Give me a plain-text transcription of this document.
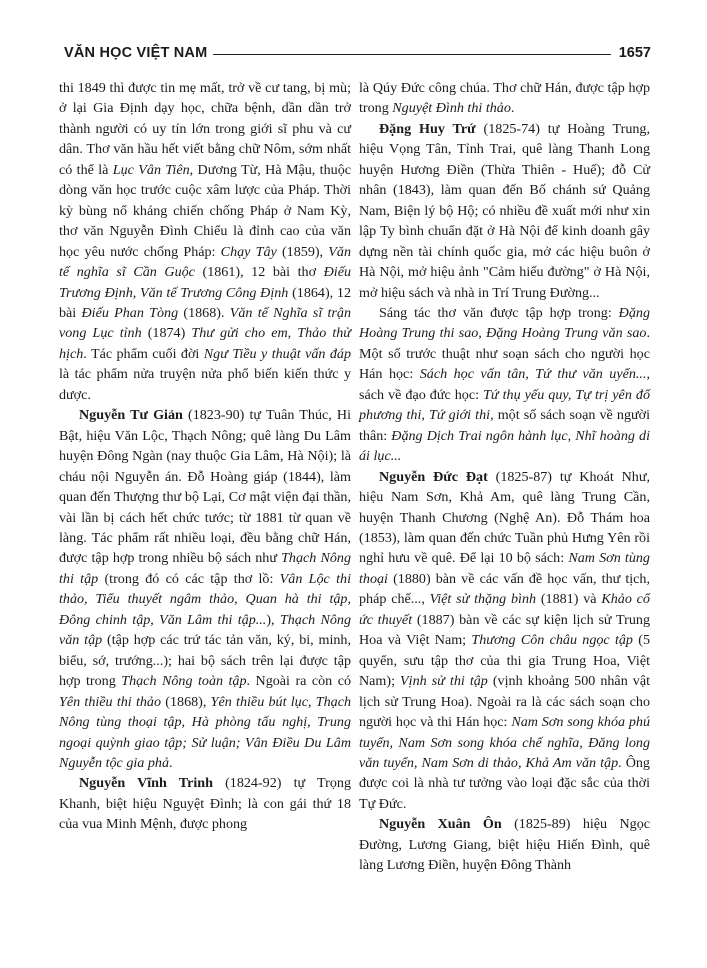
VĂN HỌC VIỆT NAM	1657

thi 1849 thì được tin mẹ mất, trở về cư tang, bị mù; ở lại Gia Định dạy học, chữa bệnh, dần dần trở thành người có uy tín lớn trong giới sĩ phu và cư dân. Thơ văn hầu hết viết bằng chữ Nôm, sớm nhất có thể là Lục Vân Tiên, Dương Từ, Hà Mậu, thuộc dòng văn học trước cuộc xâm lược của Pháp. Thời kỳ bùng nổ kháng chiến chống Pháp ở Nam Kỳ, thơ văn Nguyễn Đình Chiểu là đỉnh cao của văn học yêu nước chống Pháp: Chạy Tây (1859), Văn tế nghĩa sĩ Cần Guộc (1861), 12 bài thơ Điếu Trương Định, Văn tế Trương Công Định (1864), 12 bài Điếu Phan Tòng (1868). Văn tế Nghĩa sĩ trận vong Lục tỉnh (1874) Thư gửi cho em, Thảo thử hịch. Tác phẩm cuối đời Ngư Tiều y thuật vấn đáp là tác phẩm nửa truyện nửa phổ biến kiến thức y dược.

Nguyễn Tư Giản (1823-90) tự Tuân Thúc, Hi Bật, hiệu Văn Lộc, Thạch Nông; quê làng Du Lâm huyện Đông Ngàn (nay thuộc Gia Lâm, Hà Nội); là cháu nội Nguyễn án. Đỗ Hoàng giáp (1844), làm quan đến Thượng thư bộ Lại, Cơ mật viện đại thần, vài lần bị cách hết chức tước; từ 1881 từ quan về làng. Tác phẩm rất nhiều loại, đều bằng chữ Hán, được tập hợp trong nhiều bộ sách như Thạch Nông thi tập (trong đó có các tập thơ lồ: Vân Lộc thi thảo, Tiểu thuyết ngâm thảo, Quan hà thi tập, Đông chinh tập, Văn Lâm thi tập...), Thạch Nông văn tập (tập hợp các trứ tác tản văn, ký, bi, minh, biểu, sớ, trướng...); hai bộ sách trên lại được tập hợp trong Thạch Nông toàn tập. Ngoài ra còn có Yên thiều thi thảo (1868), Yên thiều bút lục, Thạch Nông tùng thoại tập, Hà phòng tấu nghị, Trung ngoại quỳnh giao tập; Sử luận; Vân Điều Du Lâm Nguyễn tộc gia phả.

Nguyễn Vĩnh Trinh (1824-92) tự Trọng Khanh, biệt hiệu Nguyệt Đình; là con gái thứ 18 của vua Minh Mệnh, được phong

là Qúy Đức công chúa. Thơ chữ Hán, được tập hợp trong Nguyệt Đình thi thảo.

Đặng Huy Trứ (1825-74) tự Hoàng Trung, hiệu Vọng Tân, Tỉnh Trai, quê làng Thanh Long huyện Hương Điền (Thừa Thiên - Huế); đỗ Cử nhân (1843), làm quan đến Bố chánh sứ Quảng Nam, Biện lý bộ Hộ; có nhiều đề xuất mới như xin lập Ty bình chuẩn đặt ở Hà Nội để kinh doanh gây dựng nền tài chính quốc gia, mở các hiệu buôn ở Hà Nội, mở hiệu ảnh "Cảm hiếu đường" ở Hà Nội, mở hiệu sách và nhà in Trí Trung Đường...

Sáng tác thơ văn được tập hợp trong: Đặng Hoàng Trung thi sao, Đặng Hoàng Trung văn sao. Một số trước thuật như soạn sách cho người học Hán học: Sách học vấn tân, Tứ thư văn uyển..., sách về đạo đức học: Tứ thụ yếu quy, Tự trị yên đổ phương thi, Tứ giới thi, một số sách soạn về người thân: Đặng Dịch Trai ngôn hành lục, Nhĩ hoàng di ái lục...

Nguyễn Đức Đạt (1825-87) tự Khoát Như, hiệu Nam Sơn, Khả Am, quê làng Trung Cần, huyện Thanh Chương (Nghệ An). Đỗ Thám hoa (1853), làm quan đến chức Tuần phủ Hưng Yên rồi nghỉ hưu về quê. Để lại 10 bộ sách: Nam Sơn tùng thoại (1880) bàn về các vấn đề học vấn, thư tịch, pháp chế..., Việt sử thặng bình (1881) và Khảo cổ ức thuyết (1887) bàn về các sự kiện lịch sử Trung Hoa và Việt Nam; Thương Côn châu ngọc tập (5 quyển, sưu tập thơ của thi gia Trung Hoa, Việt Nam); Vịnh sử thi tập (vịnh khoảng 500 nhân vật lịch sử Trung Hoa). Ngoài ra là các sách soạn cho người học và thi Hán học: Nam Sơn song khóa phú tuyển, Nam Sơn song khóa chế nghĩa, Đăng long văn tuyển, Nam Sơn di thảo, Khả Am văn tập. Ông được coi là nhà tư tưởng vào loại đặc sắc của thời Tự Đức.

Nguyễn Xuân Ôn (1825-89) hiệu Ngọc Đường, Lương Giang, biệt hiệu Hiến Đình, quê làng Lương Điền, huyện Đông Thành
